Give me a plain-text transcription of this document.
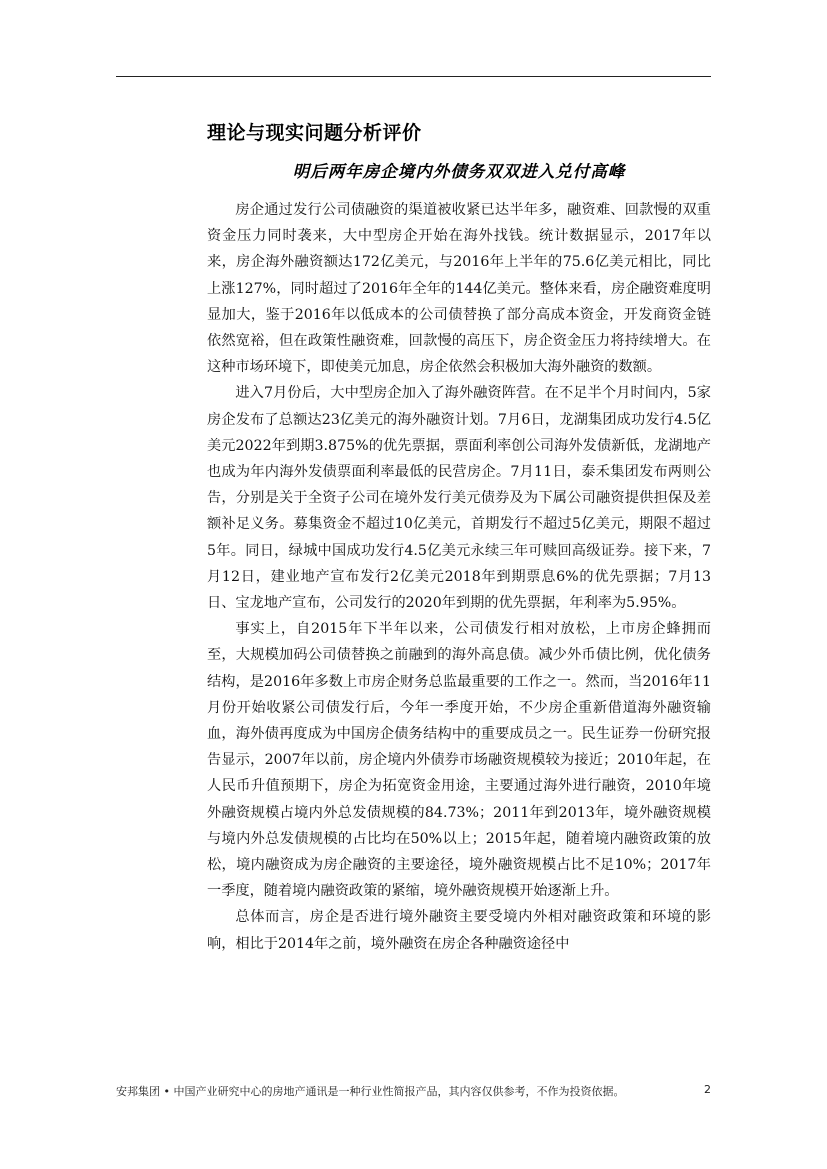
理论与现实问题分析评价
明后两年房企境内外债务双双进入兑付高峰

房企通过发行公司债融资的渠道被收紧已达半年多，融资难、回款慢的双重资金压力同时袭来，大中型房企开始在海外找钱。统计数据显示，2017年以来，房企海外融资额达172亿美元，与2016年上半年的75.6亿美元相比，同比上涨127%，同时超过了2016年全年的144亿美元。整体来看，房企融资难度明显加大，鉴于2016年以低成本的公司债替换了部分高成本资金，开发商资金链依然宽裕，但在政策性融资难，回款慢的高压下，房企资金压力将持续增大。在这种市场环境下，即使美元加息，房企依然会积极加大海外融资的数额。

进入7月份后，大中型房企加入了海外融资阵营。在不足半个月时间内，5家房企发布了总额达23亿美元的海外融资计划。7月6日，龙湖集团成功发行4.5亿美元2022年到期3.875%的优先票据，票面利率创公司海外发债新低，龙湖地产也成为年内海外发债票面利率最低的民营房企。7月11日，泰禾集团发布两则公告，分别是关于全资子公司在境外发行美元债券及为下属公司融资提供担保及差额补足义务。募集资金不超过10亿美元，首期发行不超过5亿美元，期限不超过5年。同日，绿城中国成功发行4.5亿美元永续三年可赎回高级证券。接下来，7月12日，建业地产宣布发行2亿美元2018年到期票息6%的优先票据；7月13日、宝龙地产宣布，公司发行的2020年到期的优先票据，年利率为5.95%。

事实上，自2015年下半年以来，公司债发行相对放松，上市房企蜂拥而至，大规模加码公司债替换之前融到的海外高息债。减少外币债比例，优化债务结构，是2016年多数上市房企财务总监最重要的工作之一。然而，当2016年11月份开始收紧公司债发行后，今年一季度开始，不少房企重新借道海外融资输血，海外债再度成为中国房企债务结构中的重要成员之一。民生证券一份研究报告显示，2007年以前，房企境内外债券市场融资规模较为接近；2010年起，在人民币升值预期下，房企为拓宽资金用途，主要通过海外进行融资，2010年境外融资规模占境内外总发债规模的84.73%；2011年到2013年，境外融资规模与境内外总发债规模的占比均在50%以上；2015年起，随着境内融资政策的放松，境内融资成为房企融资的主要途径，境外融资规模占比不足10%；2017年一季度，随着境内融资政策的紧缩，境外融资规模开始逐渐上升。

总体而言，房企是否进行境外融资主要受境内外相对融资政策和环境的影响，相比于2014年之前，境外融资在房企各种融资途径中

安邦集团 • 中国产业研究中心的房地产通讯是一种行业性简报产品，其内容仅供参考，不作为投资依据。	2
